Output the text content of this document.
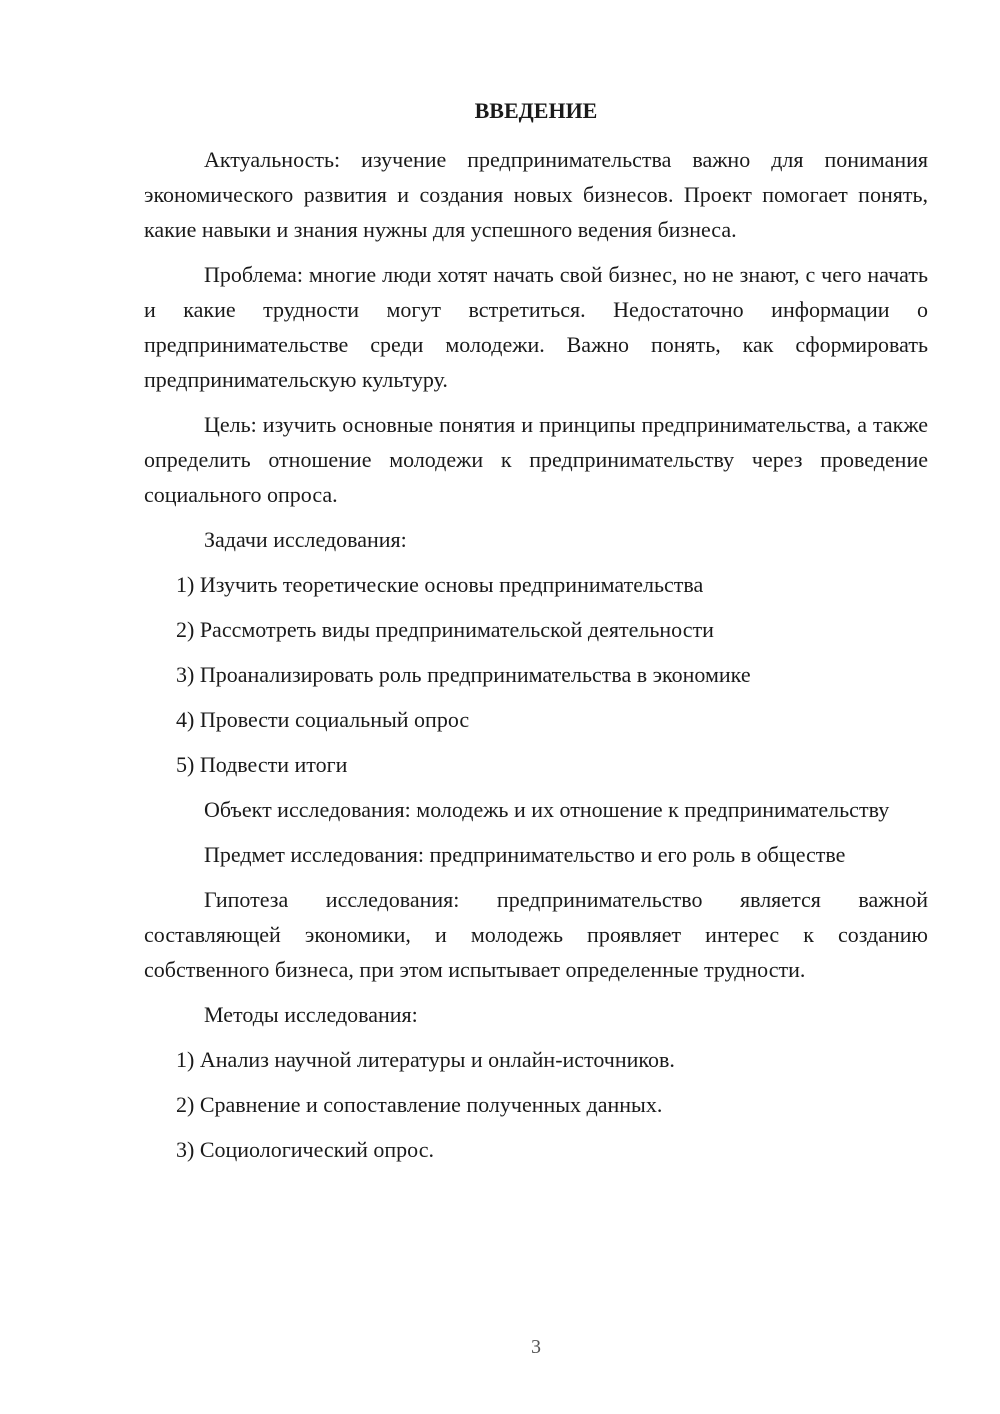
ВВЕДЕНИЕ

Актуальность: изучение предпринимательства важно для понимания экономического развития и создания новых бизнесов. Проект помогает понять, какие навыки и знания нужны для успешного ведения бизнеса.

Проблема: многие люди хотят начать свой бизнес, но не знают, с чего начать и какие трудности могут встретиться. Недостаточно информации о предпринимательстве среди молодежи. Важно понять, как сформировать предпринимательскую культуру.

Цель: изучить основные понятия и принципы предпринимательства, а также определить отношение молодежи к предпринимательству через проведение социального опроса.

Задачи исследования:

1) Изучить теоретические основы предпринимательства

2) Рассмотреть виды предпринимательской деятельности

3) Проанализировать роль предпринимательства в экономике

4) Провести социальный опрос

5) Подвести итоги

Объект исследования: молодежь и их отношение к предпринимательству

Предмет исследования: предпринимательство и его роль в обществе

Гипотеза исследования: предпринимательство является важной составляющей экономики, и молодежь проявляет интерес к созданию собственного бизнеса, при этом испытывает определенные трудности.

Методы исследования:

1) Анализ научной литературы и онлайн-источников.

2) Сравнение и сопоставление полученных данных.

3) Социологический опрос.

3
